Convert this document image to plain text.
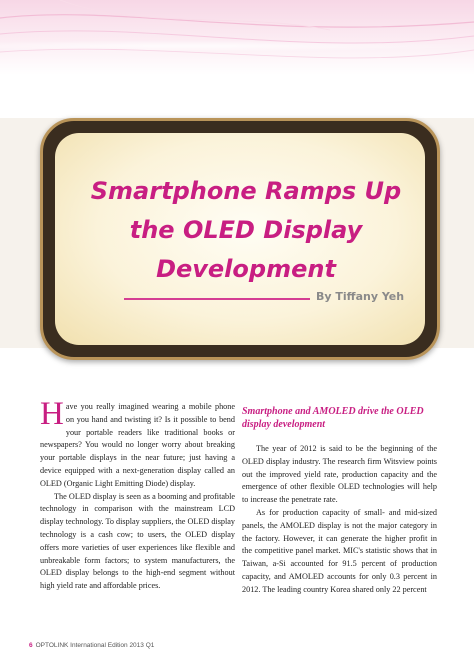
Smartphone Ramps Up the OLED Display Development
By Tiffany Yeh

Have you really imagined wearing a mobile phone on you hand and twisting it? Is it possible to bend your portable readers like traditional books or newspapers? You would no longer worry about breaking your portable displays in the near future; just having a device equipped with a next-generation display called an OLED (Organic Light Emitting Diode) display.

The OLED display is seen as a booming and profitable technology in comparison with the mainstream LCD display technology. To display suppliers, the OLED display technology is a cash cow; to users, the OLED display offers more varieties of user experiences like flexible and unbreakable form factors; to system manufacturers, the OLED display belongs to the high-end segment without high yield rate and affordable prices.

Smartphone and AMOLED drive the OLED display development

The year of 2012 is said to be the beginning of the OLED display industry. The research firm Witsview points out the improved yield rate, production capacity and the emergence of other flexible OLED technologies will help to increase the penetrate rate.

As for production capacity of small- and mid-sized panels, the AMOLED display is not the major category in the factory. However, it can generate the higher profit in the competitive panel market. MIC's statistic shows that in Taiwan, a-Si accounted for 91.5 percent of production capacity, and AMOLED accounts for only 0.3 percent in 2012. The leading country Korea shared only 22 percent

6 OPTOLINK International Edition 2013 Q1
